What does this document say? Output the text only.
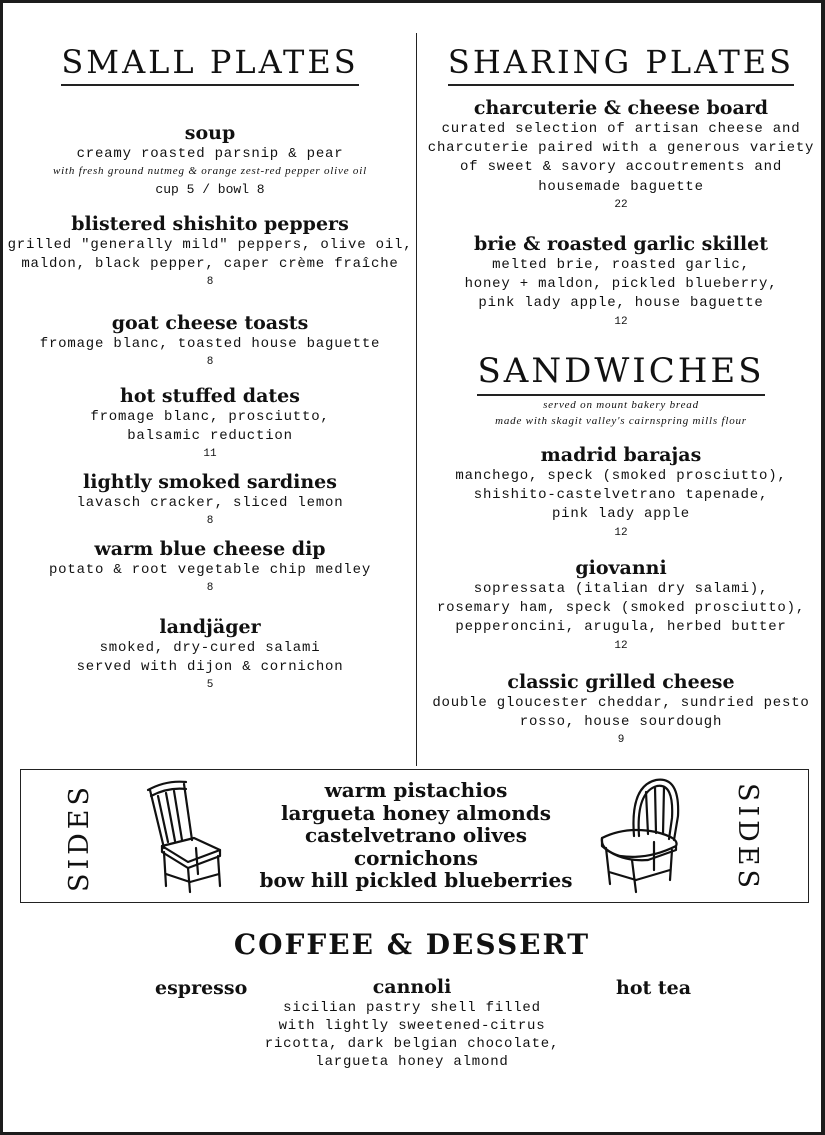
SMALL PLATES
soup
creamy roasted parsnip & pear
with fresh ground nutmeg & orange zest-red pepper olive oil
cup 5 / bowl 8
blistered shishito peppers
grilled "generally mild" peppers, olive oil,
maldon, black pepper, caper crème fraîche
8
goat cheese toasts
fromage blanc, toasted house baguette
8
hot stuffed dates
fromage blanc, prosciutto,
balsamic reduction
11
lightly smoked sardines
lavasch cracker, sliced lemon
8
warm blue cheese dip
potato & root vegetable chip medley
8
landjäger
smoked, dry-cured salami
served with dijon & cornichon
5
SHARING PLATES
charcuterie & cheese board
curated selection of artisan cheese and
charcuterie paired with a generous variety
of sweet & savory accoutrements and
housemade baguette
22
brie & roasted garlic skillet
melted brie, roasted garlic,
honey + maldon, pickled blueberry,
pink lady apple, house baguette
12
SANDWICHES
served on mount bakery bread
made with skagit valley's cairnspring mills flour
madrid barajas
manchego, speck (smoked prosciutto),
shishito-castelvetrano tapenade,
pink lady apple
12
giovanni
sopressata (italian dry salami),
rosemary ham, speck (smoked prosciutto),
pepperoncini, arugula, herbed butter
12
classic grilled cheese
double gloucester cheddar, sundried pesto
rosso, house sourdough
9
SIDES	SIDES
warm pistachios
largueta honey almonds
castelvetrano olives
cornichons
bow hill pickled blueberries
COFFEE & DESSERT
espresso	hot tea
cannoli
sicilian pastry shell filled
with lightly sweetened-citrus
ricotta, dark belgian chocolate,
largueta honey almond
